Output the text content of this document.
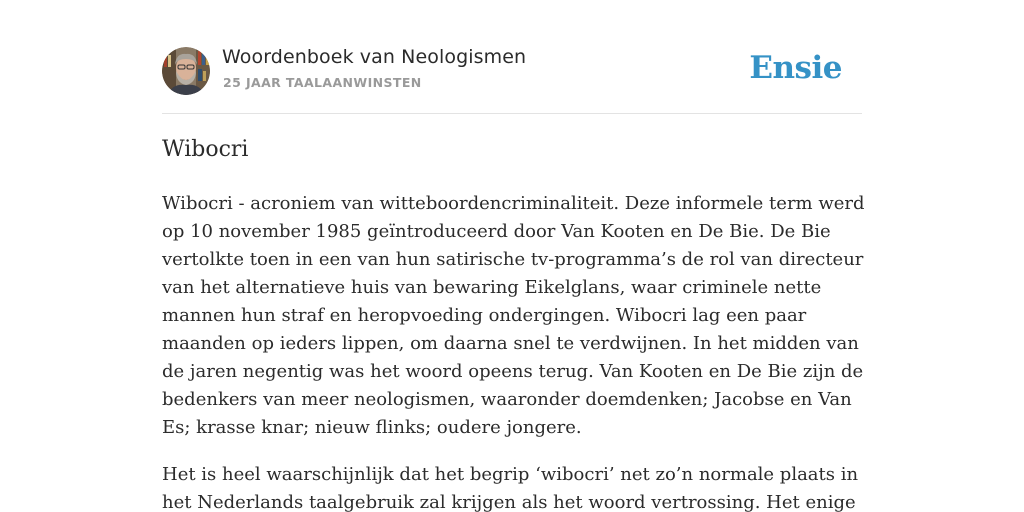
Woordenboek van Neologismen
25 JAAR TAALAANWINSTEN	Ensie
Wibocri

Wibocri - acroniem van witteboordencriminaliteit. Deze informele term werd op 10 november 1985 geïntroduceerd door Van Kooten en De Bie. De Bie vertolkte toen in een van hun satirische tv-programma’s de rol van directeur van het alternatieve huis van bewaring Eikelglans, waar criminele nette mannen hun straf en heropvoeding ondergingen. Wibocri lag een paar maanden op ieders lippen, om daarna snel te verdwijnen. In het midden van de jaren negentig was het woord opeens terug. Van Kooten en De Bie zijn de bedenkers van meer neologismen, waaronder doemdenken; Jacobse en Van Es; krasse knar; nieuw flinks; oudere jongere.

Het is heel waarschijnlijk dat het begrip ‘wibocri’ net zo’n normale plaats in het Nederlands taalgebruik zal krijgen als het woord vertrossing. Het enige
